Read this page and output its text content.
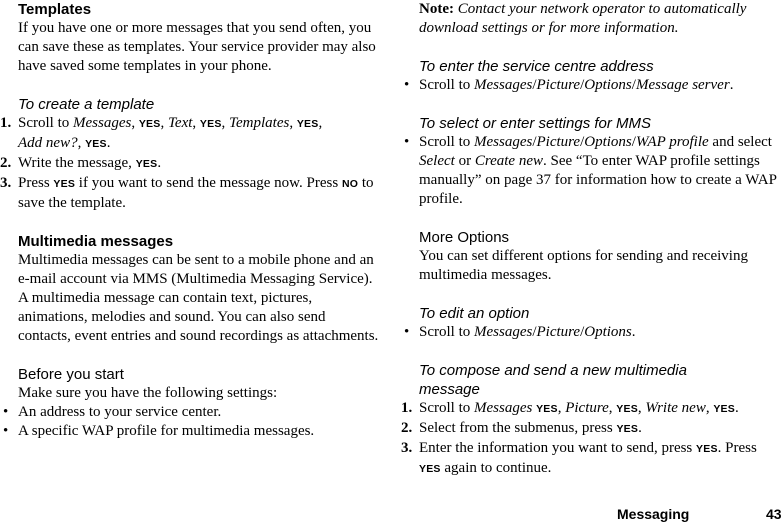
Templates
If you have one or more messages that you send often, you can save these as templates. Your service provider may also have saved some templates in your phone.
To create a template
1. Scroll to Messages, YES, Text, YES, Templates, YES,
Add new?, YES.
2. Write the message, YES.
3. Press YES if you want to send the message now. Press NO to save the template.
Multimedia messages
Multimedia messages can be sent to a mobile phone and an e-mail account via MMS (Multimedia Messaging Service). A multimedia message can contain text, pictures, animations, melodies and sound. You can also send contacts, event entries and sound recordings as attachments.
Before you start
Make sure you have the following settings:
• An address to your service center.
• A specific WAP profile for multimedia messages.
Note: Contact your network operator to automatically download settings or for more information.
To enter the service centre address
• Scroll to Messages/Picture/Options/Message server.
To select or enter settings for MMS
• Scroll to Messages/Picture/Options/WAP profile and select Select or Create new. See “To enter WAP profile settings manually” on page 37 for information how to create a WAP profile.
More Options
You can set different options for sending and receiving multimedia messages.
To edit an option
• Scroll to Messages/Picture/Options.
To compose and send a new multimedia message
1. Scroll to Messages YES, Picture, YES, Write new, YES.
2. Select from the submenus, press YES.
3. Enter the information you want to send, press YES. Press
YES again to continue.
Messaging	43
